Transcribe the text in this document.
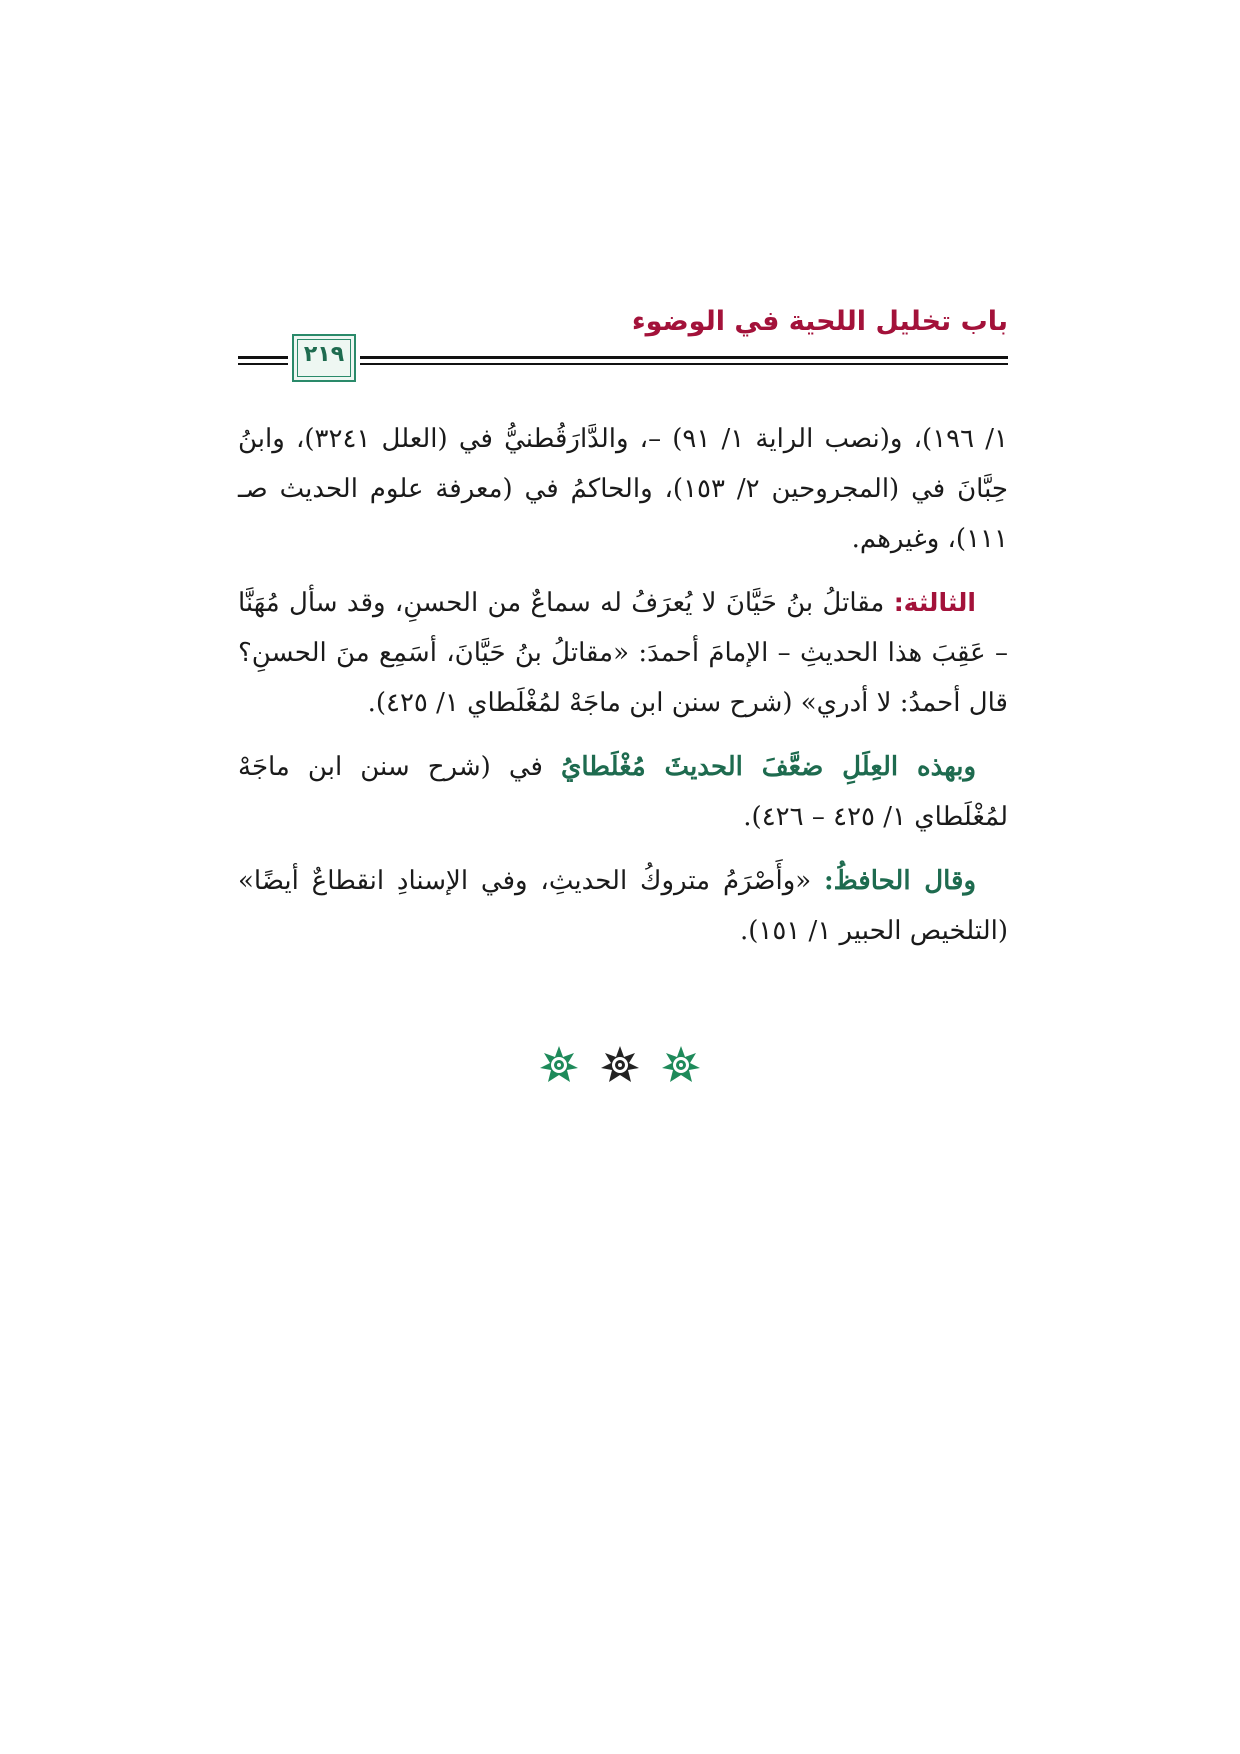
باب تخليل اللحية في الوضوء
٢١٩

١/ ١٩٦)، و(نصب الراية ١/ ٩١) –، والدَّارَقُطنيُّ في (العلل ٣٢٤١)، وابنُ حِبَّانَ في (المجروحين ٢/ ١٥٣)، والحاكمُ في (معرفة علوم الحديث صـ ١١١)، وغيرهم.

الثالثة: مقاتلُ بنُ حَيَّانَ لا يُعرَفُ له سماعٌ من الحسنِ، وقد سأل مُهَنَّا – عَقِبَ هذا الحديثِ – الإمامَ أحمدَ: «مقاتلُ بنُ حَيَّانَ، أسَمِع منَ الحسنِ؟ قال أحمدُ: لا أدري» (شرح سنن ابن ماجَهْ لمُغْلَطاي ١/ ٤٢٥).

وبهذه العِلَلِ ضعَّفَ الحديثَ مُغْلَطايُ في (شرح سنن ابن ماجَهْ لمُغْلَطاي ١/ ٤٢٥ – ٤٢٦).

وقال الحافظُ: «وأَصْرَمُ متروكُ الحديثِ، وفي الإسنادِ انقطاعٌ أيضًا» (التلخيص الحبير ١/ ١٥١).
